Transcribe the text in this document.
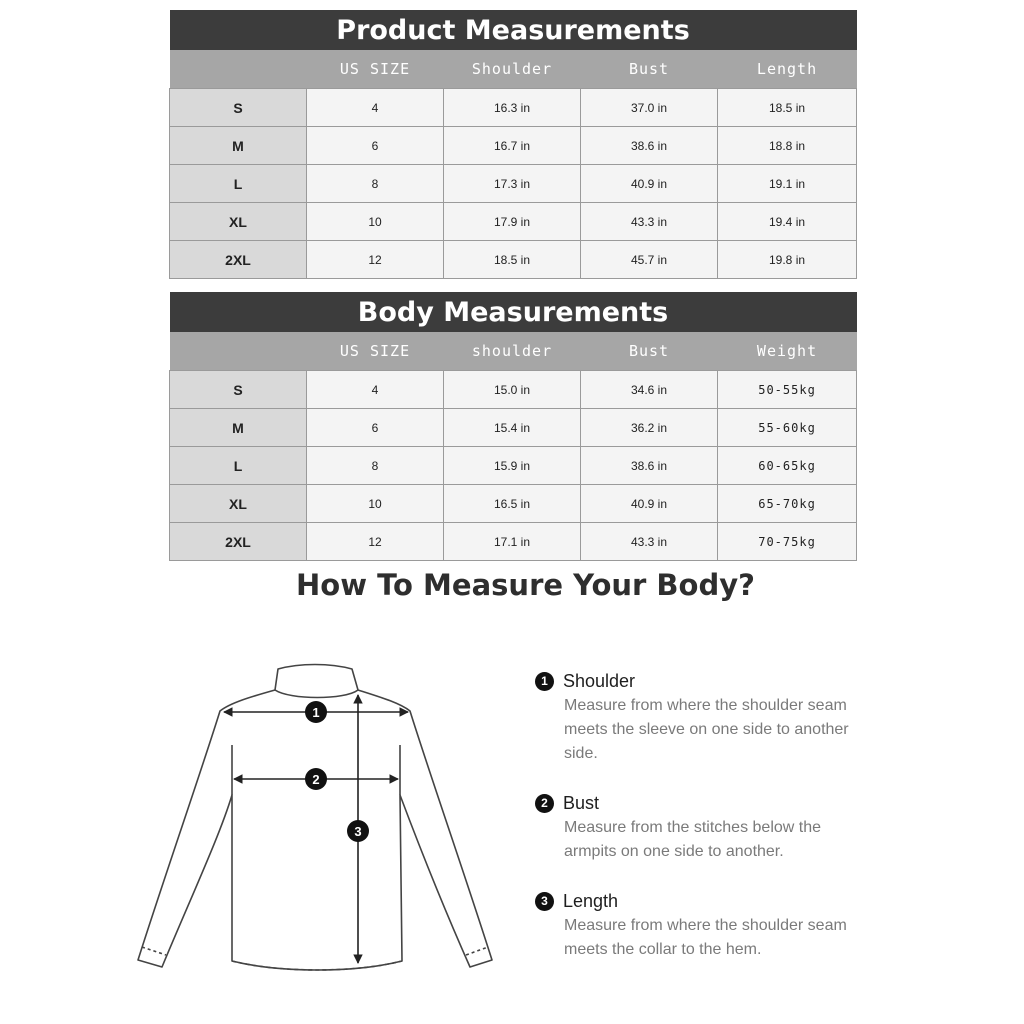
Product Measurements				
	US SIZE	Shoulder	Bust	Length
S	4	16.3 in	37.0 in	18.5 in
M	6	16.7 in	38.6 in	18.8 in
L	8	17.3 in	40.9 in	19.1 in
XL	10	17.9 in	43.3 in	19.4 in
2XL	12	18.5 in	45.7 in	19.8 in
Body Measurements				
	US SIZE	shoulder	Bust	Weight
S	4	15.0 in	34.6 in	50-55kg
M	6	15.4 in	36.2 in	55-60kg
L	8	15.9 in	38.6 in	60-65kg
XL	10	16.5 in	40.9 in	65-70kg
2XL	12	17.1 in	43.3 in	70-75kg
How To Measure Your Body?
1
2
3
1 Shoulder
Measure from where the shoulder seam meets the sleeve on one side to another side.
2 Bust
Measure from the stitches below the armpits on one side to another.
3 Length
Measure from where the shoulder seam meets the collar to the hem.
